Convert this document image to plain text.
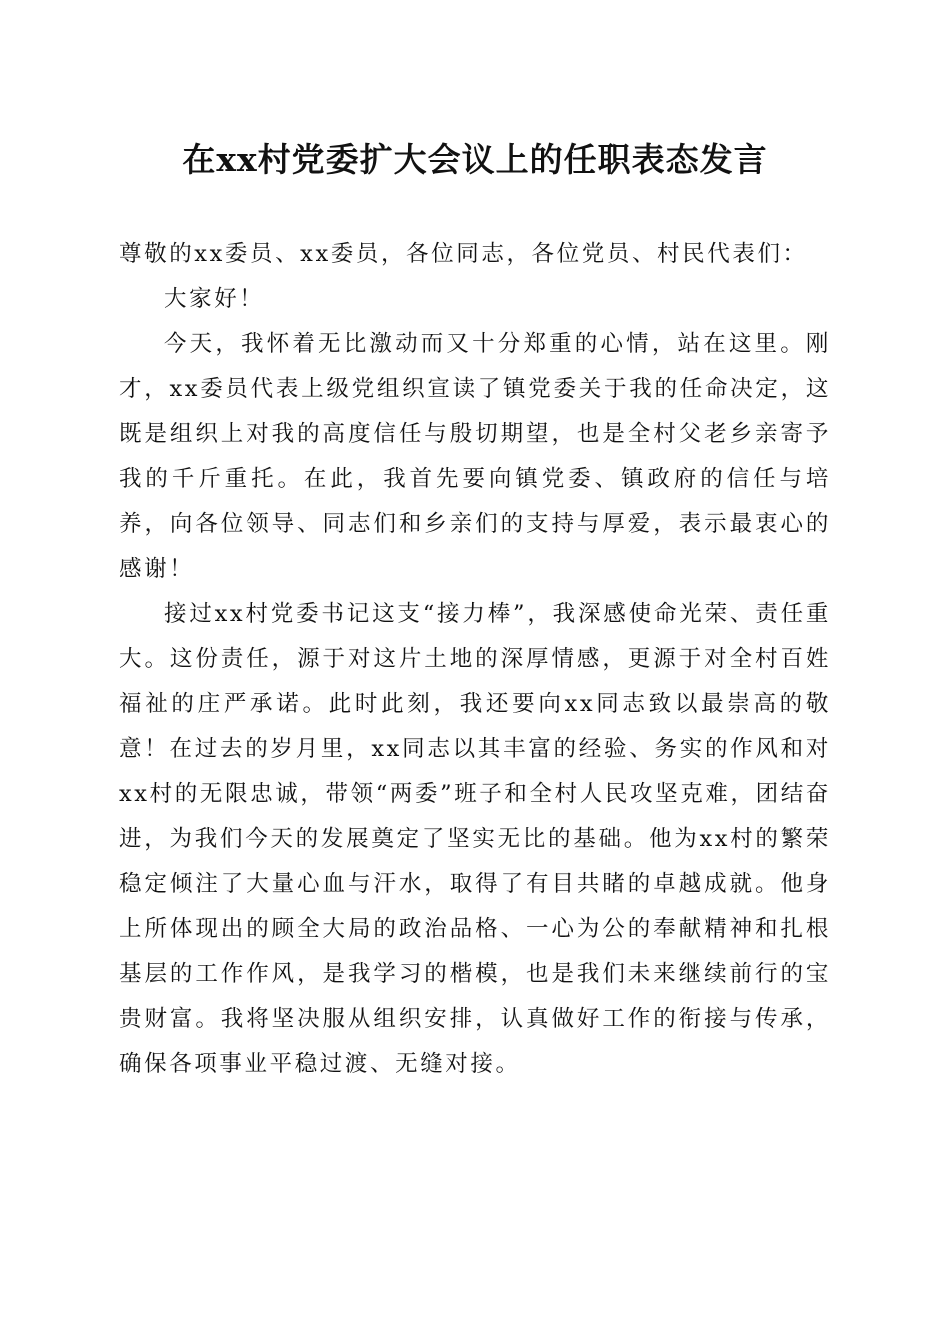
在xx村党委扩大会议上的任职表态发言

尊敬的xx委员、xx委员，各位同志，各位党员、村民代表们：

大家好！

今天，我怀着无比激动而又十分郑重的心情，站在这里。刚才，xx委员代表上级党组织宣读了镇党委关于我的任命决定，这既是组织上对我的高度信任与殷切期望，也是全村父老乡亲寄予我的千斤重托。在此，我首先要向镇党委、镇政府的信任与培养，向各位领导、同志们和乡亲们的支持与厚爱，表示最衷心的感谢！

接过xx村党委书记这支“接力棒”，我深感使命光荣、责任重大。这份责任，源于对这片土地的深厚情感，更源于对全村百姓福祉的庄严承诺。此时此刻，我还要向xx同志致以最崇高的敬意！在过去的岁月里，xx同志以其丰富的经验、务实的作风和对xx村的无限忠诚，带领“两委”班子和全村人民攻坚克难，团结奋进，为我们今天的发展奠定了坚实无比的基础。他为xx村的繁荣稳定倾注了大量心血与汗水，取得了有目共睹的卓越成就。他身上所体现出的顾全大局的政治品格、一心为公的奉献精神和扎根基层的工作作风，是我学习的楷模，也是我们未来继续前行的宝贵财富。我将坚决服从组织安排，认真做好工作的衔接与传承，确保各项事业平稳过渡、无缝对接。
